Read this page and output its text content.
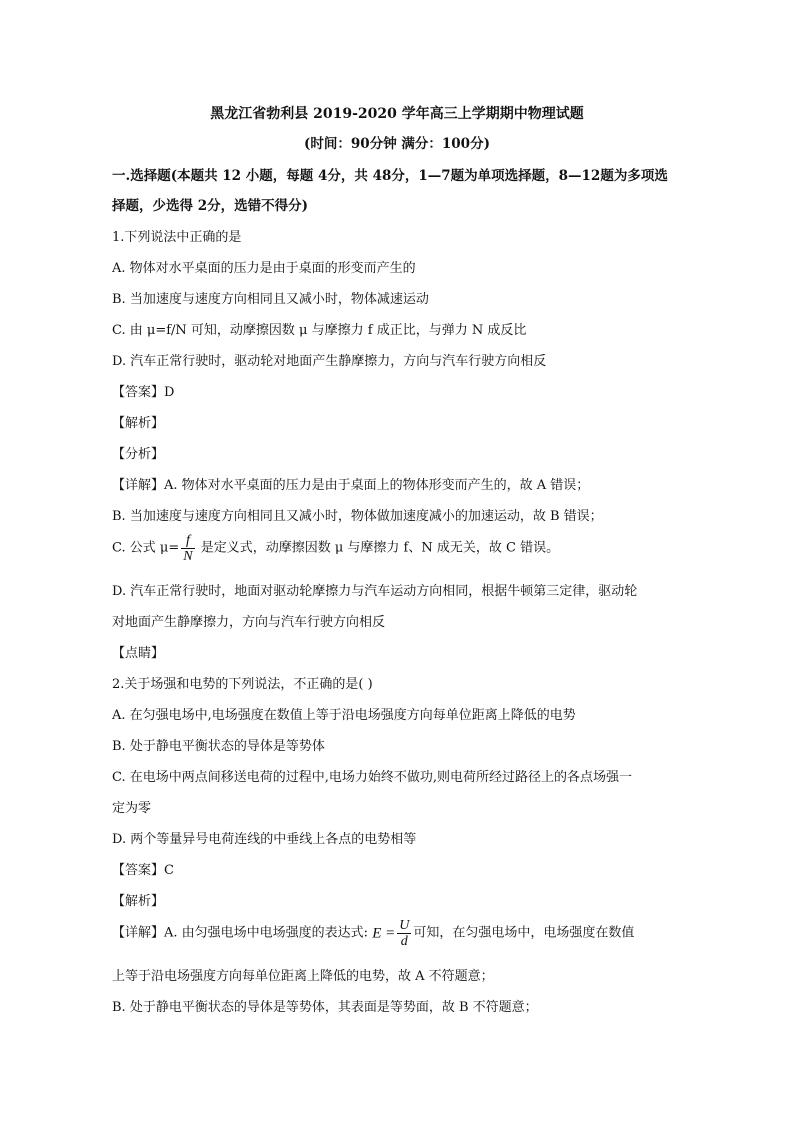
黑龙江省勃利县 2019-2020 学年高三上学期期中物理试题
(时间：90分钟 满分：100分)
一.选择题(本题共 12 小题，每题 4分，共 48分，1—7题为单项选择题，8—12题为多项选
择题，少选得 2分，选错不得分)
1.下列说法中正确的是
A. 物体对水平桌面的压力是由于桌面的形变而产生的
B. 当加速度与速度方向相同且又减小时，物体减速运动
C. 由 μ=f/N 可知，动摩擦因数 μ 与摩擦力 f 成正比，与弹力 N 成反比
D. 汽车正常行驶时，驱动轮对地面产生静摩擦力，方向与汽车行驶方向相反
【答案】D
【解析】
【分析】
【详解】A. 物体对水平桌面的压力是由于桌面上的物体形变而产生的，故 A 错误；
B. 当加速度与速度方向相同且又减小时，物体做加速度减小的加速运动，故 B 错误；
C. 公式 $\mu= \frac{f}{N}$ 是定义式，动摩擦因数 μ 与摩擦力 f、N 成无关，故 C 错误。
D. 汽车正常行驶时，地面对驱动轮摩擦力与汽车运动方向相同，根据牛顿第三定律，驱动轮
对地面产生静摩擦力，方向与汽车行驶方向相反
【点睛】
2.关于场强和电势的下列说法，不正确的是( )
A. 在匀强电场中,电场强度在数值上等于沿电场强度方向每单位距离上降低的电势
B. 处于静电平衡状态的导体是等势体
C. 在电场中两点间移送电荷的过程中,电场力始终不做功,则电荷所经过路径上的各点场强一
定为零
D. 两个等量异号电荷连线的中垂线上各点的电势相等
【答案】C
【解析】
【详解】A. 由匀强电场中电场强度的表达式: $E = \frac{U}{d}$ 可知，在匀强电场中，电场强度在数值
上等于沿电场强度方向每单位距离上降低的电势，故 A 不符题意；
B. 处于静电平衡状态的导体是等势体，其表面是等势面，故 B 不符题意；
